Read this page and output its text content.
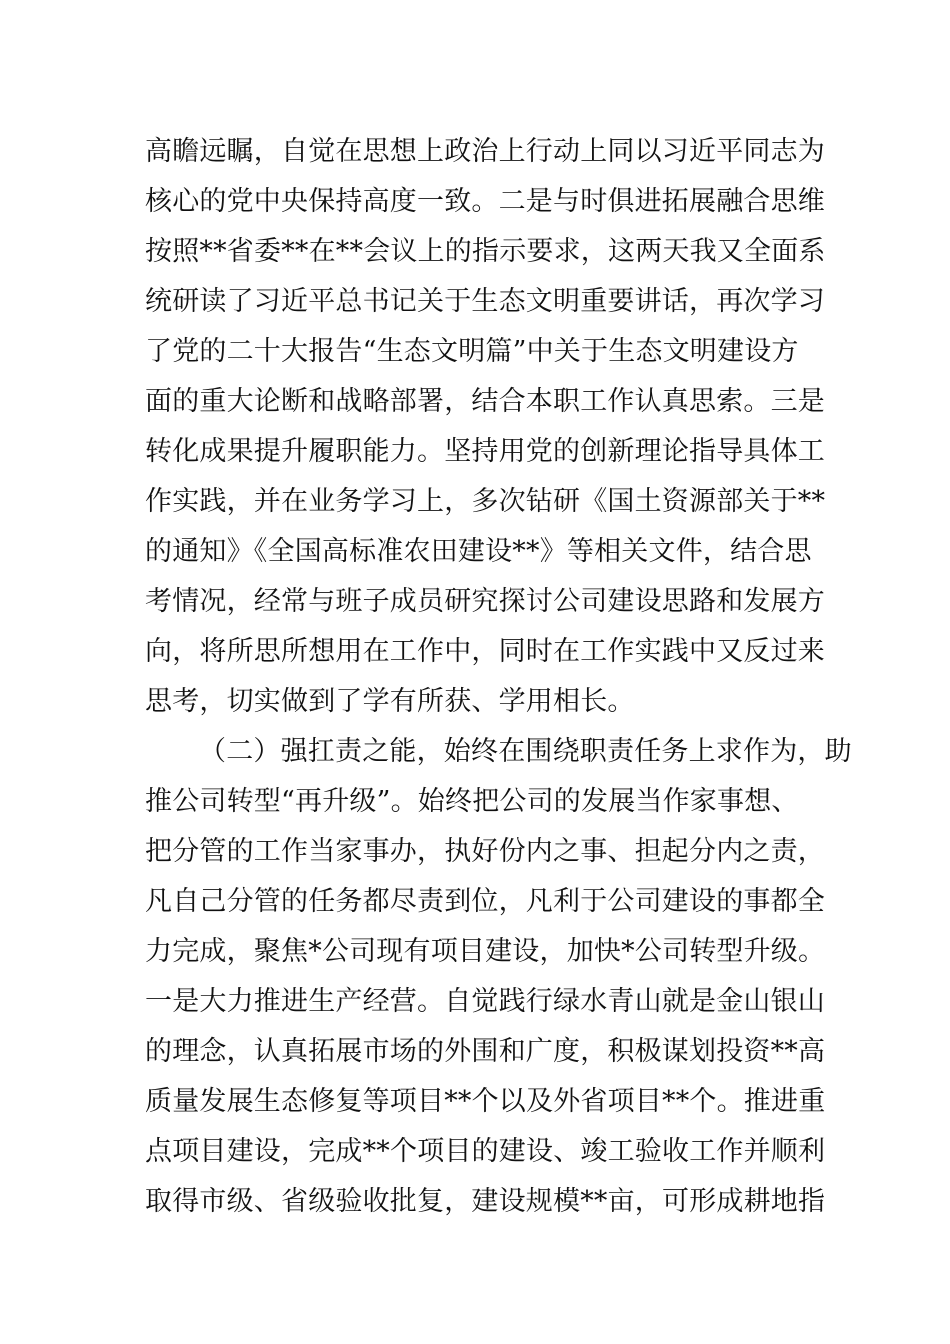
高瞻远瞩，自觉在思想上政治上行动上同以习近平同志为
核心的党中央保持高度一致。二是与时俱进拓展融合思维
按照**省委**在**会议上的指示要求，这两天我又全面系
统研读了习近平总书记关于生态文明重要讲话，再次学习
了党的二十大报告“生态文明篇”中关于生态文明建设方
面的重大论断和战略部署，结合本职工作认真思索。三是
转化成果提升履职能力。坚持用党的创新理论指导具体工
作实践，并在业务学习上，多次钻研《国土资源部关于**
的通知》《全国高标准农田建设**》等相关文件，结合思
考情况，经常与班子成员研究探讨公司建设思路和发展方
向，将所思所想用在工作中，同时在工作实践中又反过来
思考，切实做到了学有所获、学用相长。
（二）强扛责之能，始终在围绕职责任务上求作为，助
推公司转型“再升级”。始终把公司的发展当作家事想、
把分管的工作当家事办，执好份内之事、担起分内之责，
凡自己分管的任务都尽责到位，凡利于公司建设的事都全
力完成，聚焦*公司现有项目建设，加快*公司转型升级。
一是大力推进生产经营。自觉践行绿水青山就是金山银山
的理念，认真拓展市场的外围和广度，积极谋划投资**高
质量发展生态修复等项目**个以及外省项目**个。推进重
点项目建设，完成**个项目的建设、竣工验收工作并顺利
取得市级、省级验收批复，建设规模**亩，可形成耕地指
